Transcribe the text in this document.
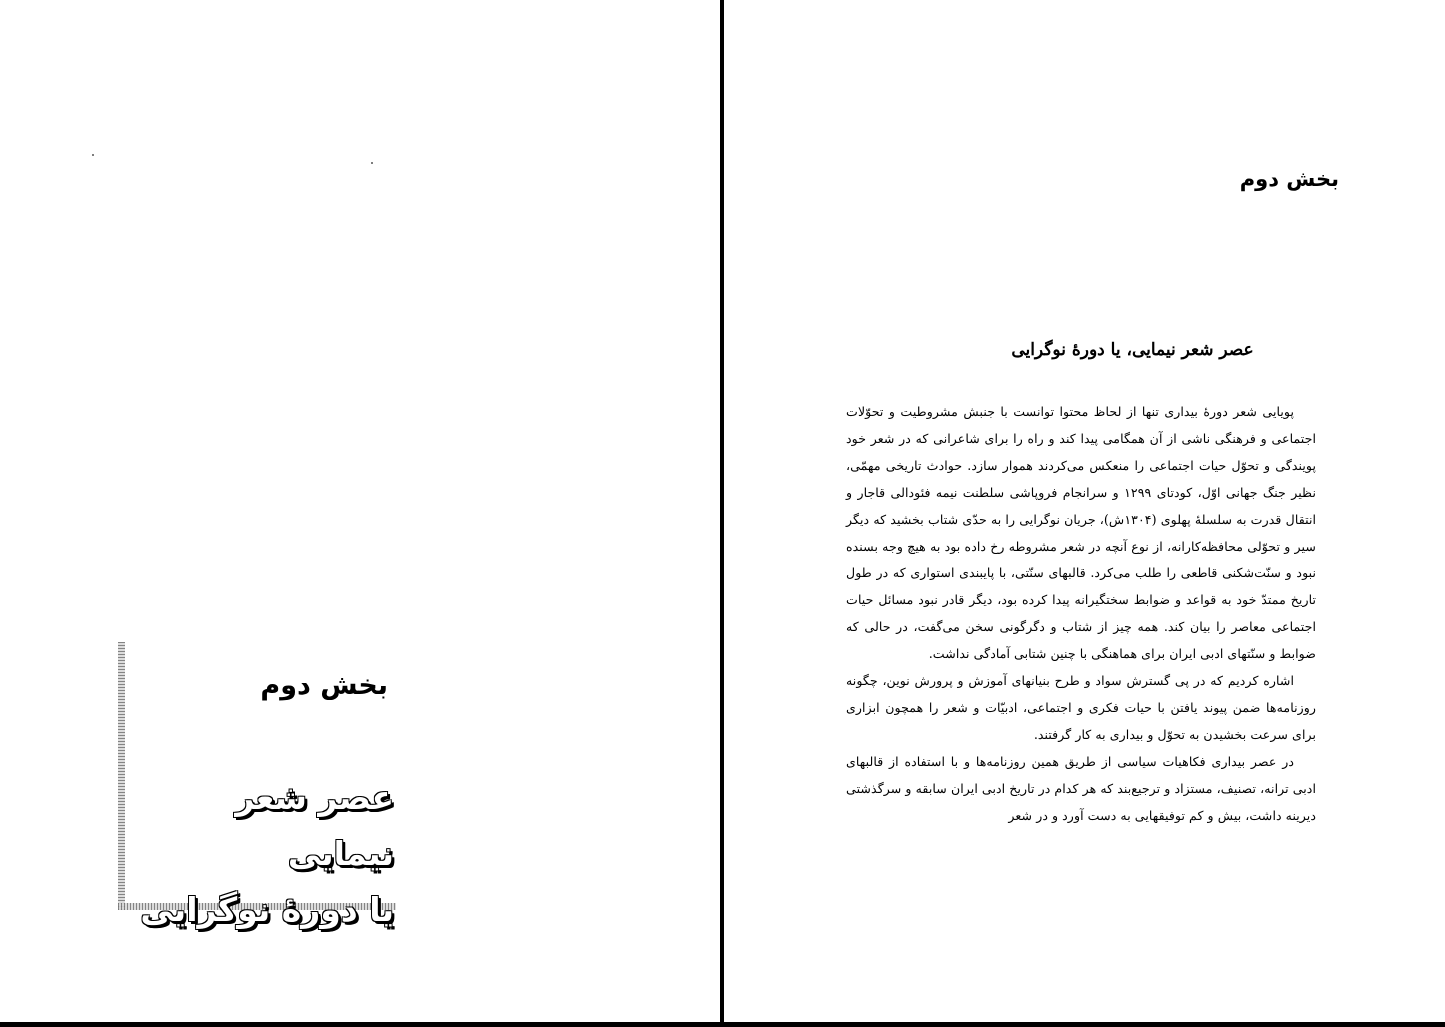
بخش دوم
عصر شعر نیمایی
یا دورهٔ نوگرایی
بخش دوم
عصر شعر نیمایی، یا دورهٔ نوگرایی

پویایی شعر دورهٔ بیداری تنها از لحاظ محتوا توانست با جنبش مشروطیت و تحوّلات اجتماعی و فرهنگی ناشی از آن همگامی پیدا کند و راه را برای شاعرانی که در شعر خود پویندگی و تحوّل حیات اجتماعی را منعکس می‌کردند هموار سازد. حوادث تاریخی مهمّی، نظیر جنگ جهانی اوّل، کودتای ۱۲۹۹ و سرانجام فروپاشی سلطنت نیمه فئودالی قاجار و انتقال قدرت به سلسلهٔ پهلوی (۱۳۰۴ش)، جریان نوگرایی را به حدّی شتاب بخشید که دیگر سیر و تحوّلی محافظه‌کارانه، از نوع آنچه در شعر مشروطه رخ داده بود به هیچ وجه بسنده نبود و سنّت‌شکنی قاطعی را طلب می‌کرد. قالبهای سنّتی، با پایبندی استواری که در طول تاریخ ممتدّ خود به قواعد و ضوابط سختگیرانه پیدا کرده بود، دیگر قادر نبود مسائل حیات اجتماعی معاصر را بیان کند. همه چیز از شتاب و دگرگونی سخن می‌گفت، در حالی که ضوابط و سنّتهای ادبی ایران برای هماهنگی با چنین شتابی آمادگی نداشت.

اشاره کردیم که در پی گسترش سواد و طرح بنیانهای آموزش و پرورش نوین، چگونه روزنامه‌ها ضمن پیوند یافتن با حیات فکری و اجتماعی، ادبیّات و شعر را همچون ابزاری برای سرعت بخشیدن به تحوّل و بیداری به کار گرفتند.

در عصر بیداری فکاهیات سیاسی از طریق همین روزنامه‌ها و با استفاده از قالبهای ادبی ترانه، تصنیف، مستزاد و ترجیع‌بند که هر کدام در تاریخ ادبی ایران سابقه و سرگذشتی دیرینه داشت، بیش و کم توفیقهایی به دست آورد و در شعر
